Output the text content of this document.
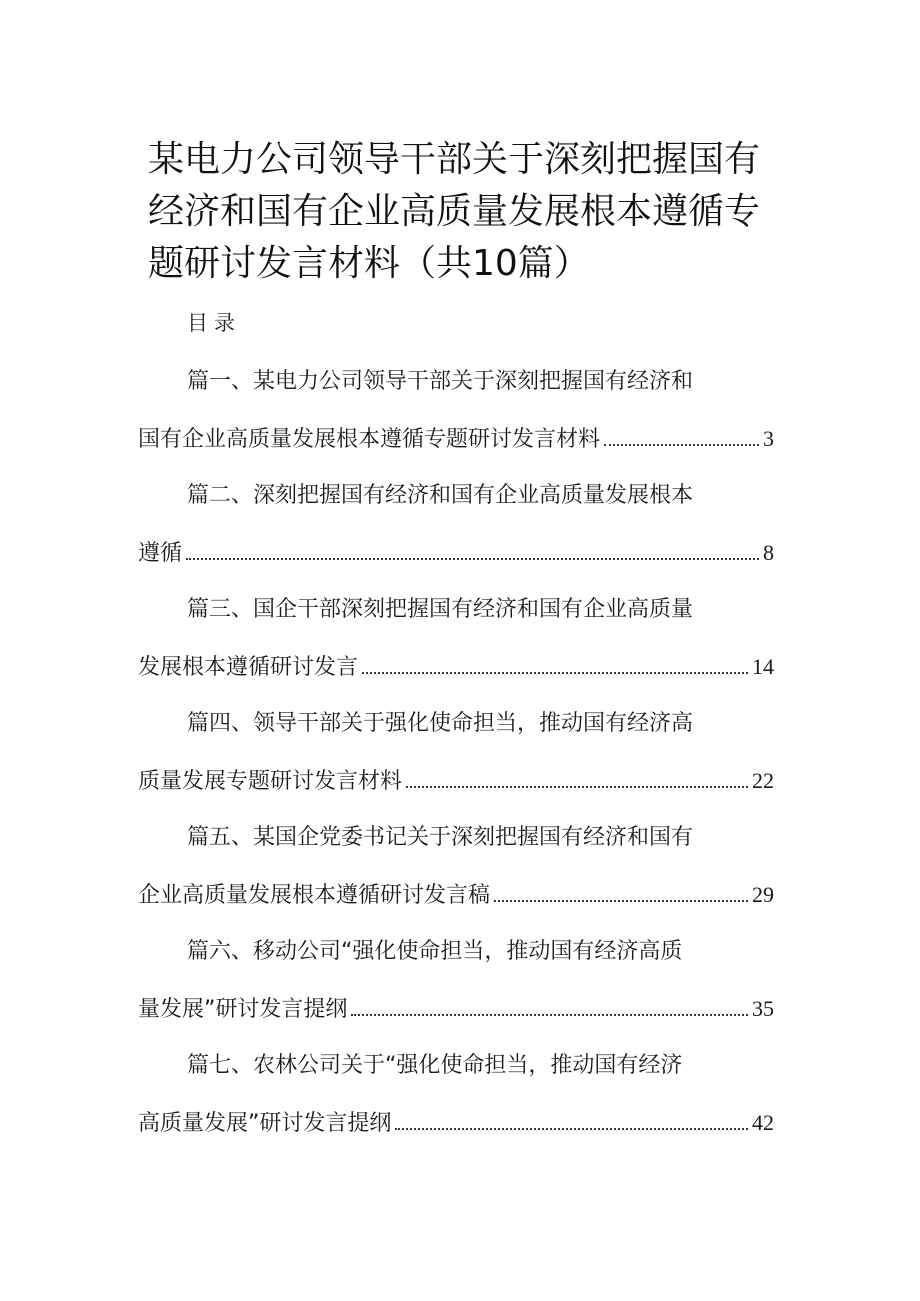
某电力公司领导干部关于深刻把握国有经济和国有企业高质量发展根本遵循专题研讨发言材料（共10篇）
目录
篇一、某电力公司领导干部关于深刻把握国有经济和
国有企业高质量发展根本遵循专题研讨发言材料	3
篇二、深刻把握国有经济和国有企业高质量发展根本
遵循	8
篇三、国企干部深刻把握国有经济和国有企业高质量
发展根本遵循研讨发言	14
篇四、领导干部关于强化使命担当，推动国有经济高
质量发展专题研讨发言材料	22
篇五、某国企党委书记关于深刻把握国有经济和国有
企业高质量发展根本遵循研讨发言稿	29
篇六、移动公司“强化使命担当，推动国有经济高质
量发展”研讨发言提纲	35
篇七、农林公司关于“强化使命担当，推动国有经济
高质量发展”研讨发言提纲	42
